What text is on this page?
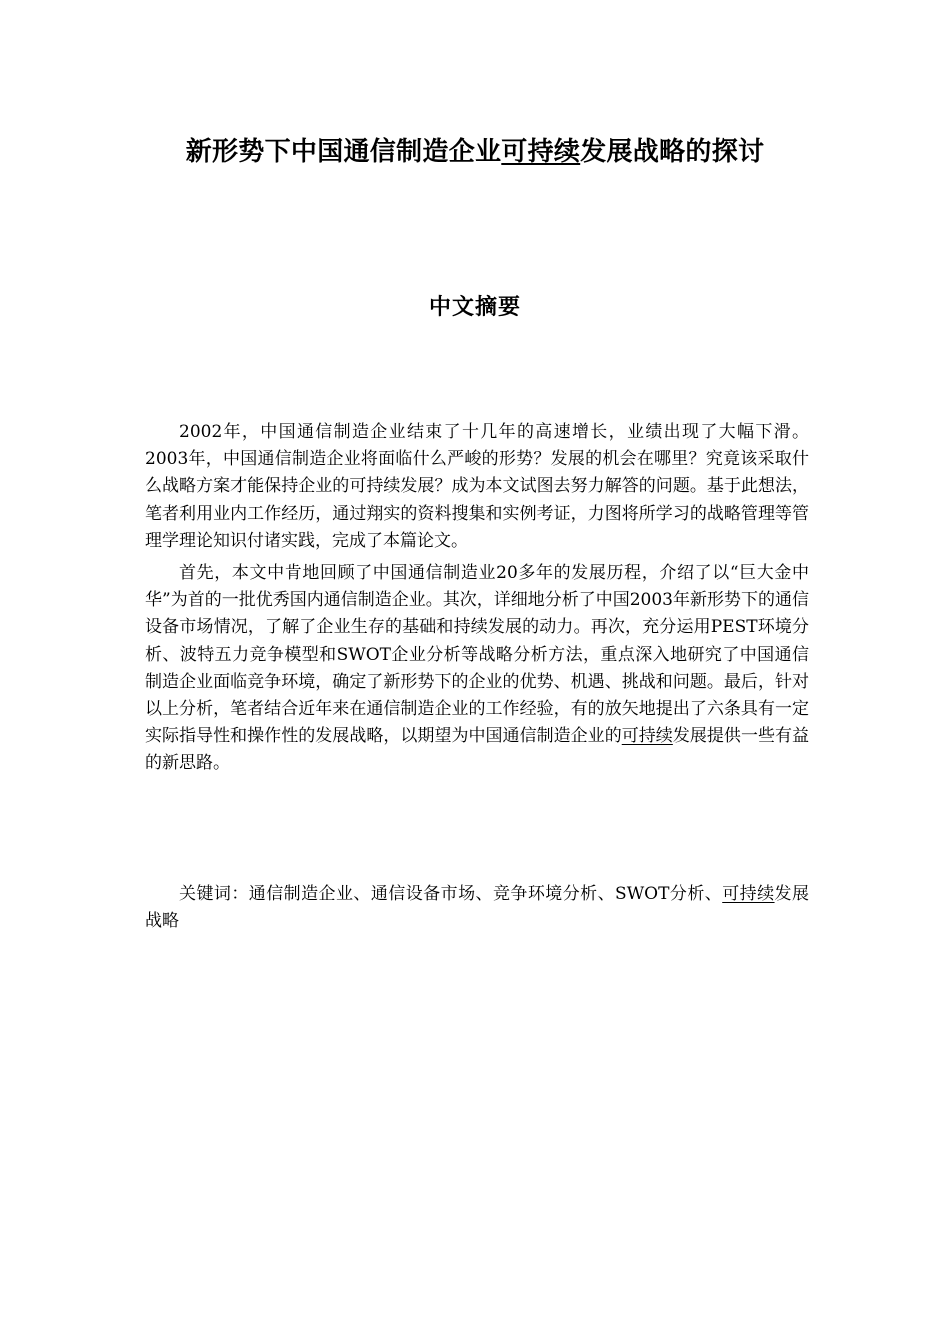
新形势下中国通信制造企业可持续发展战略的探讨
中文摘要

2002年，中国通信制造企业结束了十几年的高速增长，业绩出现了大幅下滑。2003年，中国通信制造企业将面临什么严峻的形势？发展的机会在哪里？究竟该采取什么战略方案才能保持企业的可持续发展？成为本文试图去努力解答的问题。基于此想法，笔者利用业内工作经历，通过翔实的资料搜集和实例考证，力图将所学习的战略管理等管理学理论知识付诸实践，完成了本篇论文。

首先，本文中肯地回顾了中国通信制造业20多年的发展历程，介绍了以“巨大金中华”为首的一批优秀国内通信制造企业。其次，详细地分析了中国2003年新形势下的通信设备市场情况，了解了企业生存的基础和持续发展的动力。再次，充分运用PEST环境分析、波特五力竞争模型和SWOT企业分析等战略分析方法，重点深入地研究了中国通信制造企业面临竞争环境，确定了新形势下的企业的优势、机遇、挑战和问题。最后，针对以上分析，笔者结合近年来在通信制造企业的工作经验，有的放矢地提出了六条具有一定实际指导性和操作性的发展战略，以期望为中国通信制造企业的可持续发展提供一些有益的新思路。

关键词：通信制造企业、通信设备市场、竞争环境分析、SWOT分析、可持续发展战略
